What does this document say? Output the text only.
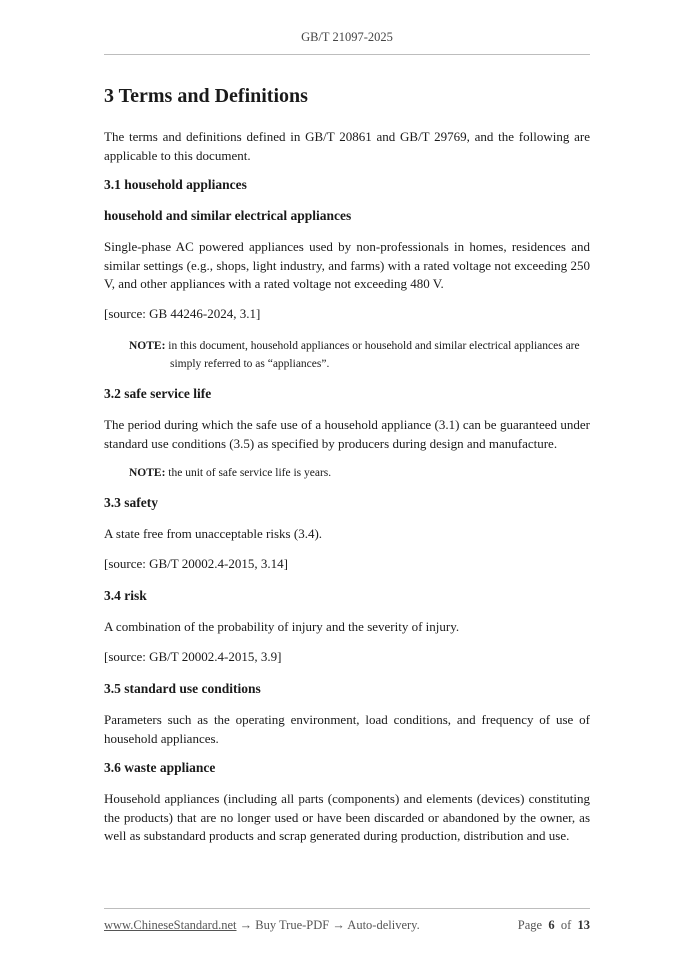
GB/T 21097-2025
3 Terms and Definitions

The terms and definitions defined in GB/T 20861 and GB/T 29769, and the following are applicable to this document.

3.1 household appliances
household and similar electrical appliances

Single-phase AC powered appliances used by non-professionals in homes, residences and similar settings (e.g., shops, light industry, and farms) with a rated voltage not exceeding 250 V, and other appliances with a rated voltage not exceeding 480 V.

[source: GB 44246-2024, 3.1]

NOTE: in this document, household appliances or household and similar electrical appliances are simply referred to as “appliances”.

3.2 safe service life

The period during which the safe use of a household appliance (3.1) can be guaranteed under standard use conditions (3.5) as specified by producers during design and manufacture.

NOTE: the unit of safe service life is years.

3.3 safety

A state free from unacceptable risks (3.4).

[source: GB/T 20002.4-2015, 3.14]

3.4 risk

A combination of the probability of injury and the severity of injury.

[source: GB/T 20002.4-2015, 3.9]

3.5 standard use conditions

Parameters such as the operating environment, load conditions, and frequency of use of household appliances.

3.6 waste appliance

Household appliances (including all parts (components) and elements (devices) constituting the products) that are no longer used or have been discarded or abandoned by the owner, as well as substandard products and scrap generated during production, distribution and use.

www.ChineseStandard.net → Buy True-PDF → Auto-delivery.	Page 6 of 13
